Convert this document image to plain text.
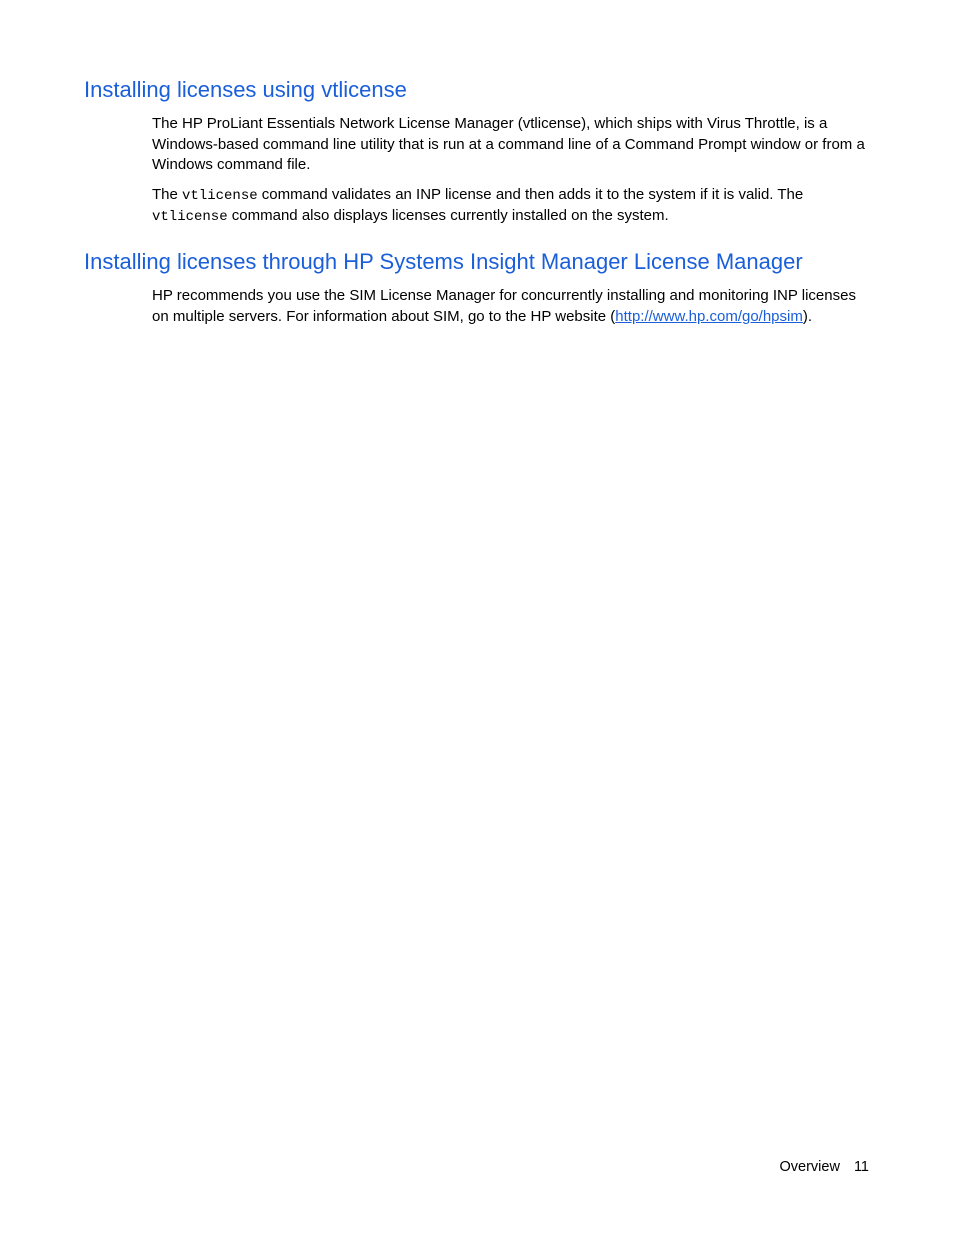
Installing licenses using vtlicense

The HP ProLiant Essentials Network License Manager (vtlicense), which ships with Virus Throttle, is a Windows-based command line utility that is run at a command line of a Command Prompt window or from a Windows command file.

The vtlicense command validates an INP license and then adds it to the system if it is valid. The vtlicense command also displays licenses currently installed on the system.

Installing licenses through HP Systems Insight Manager License Manager

HP recommends you use the SIM License Manager for concurrently installing and monitoring INP licenses on multiple servers. For information about SIM, go to the HP website (http://www.hp.com/go/hpsim).

Overview 11
